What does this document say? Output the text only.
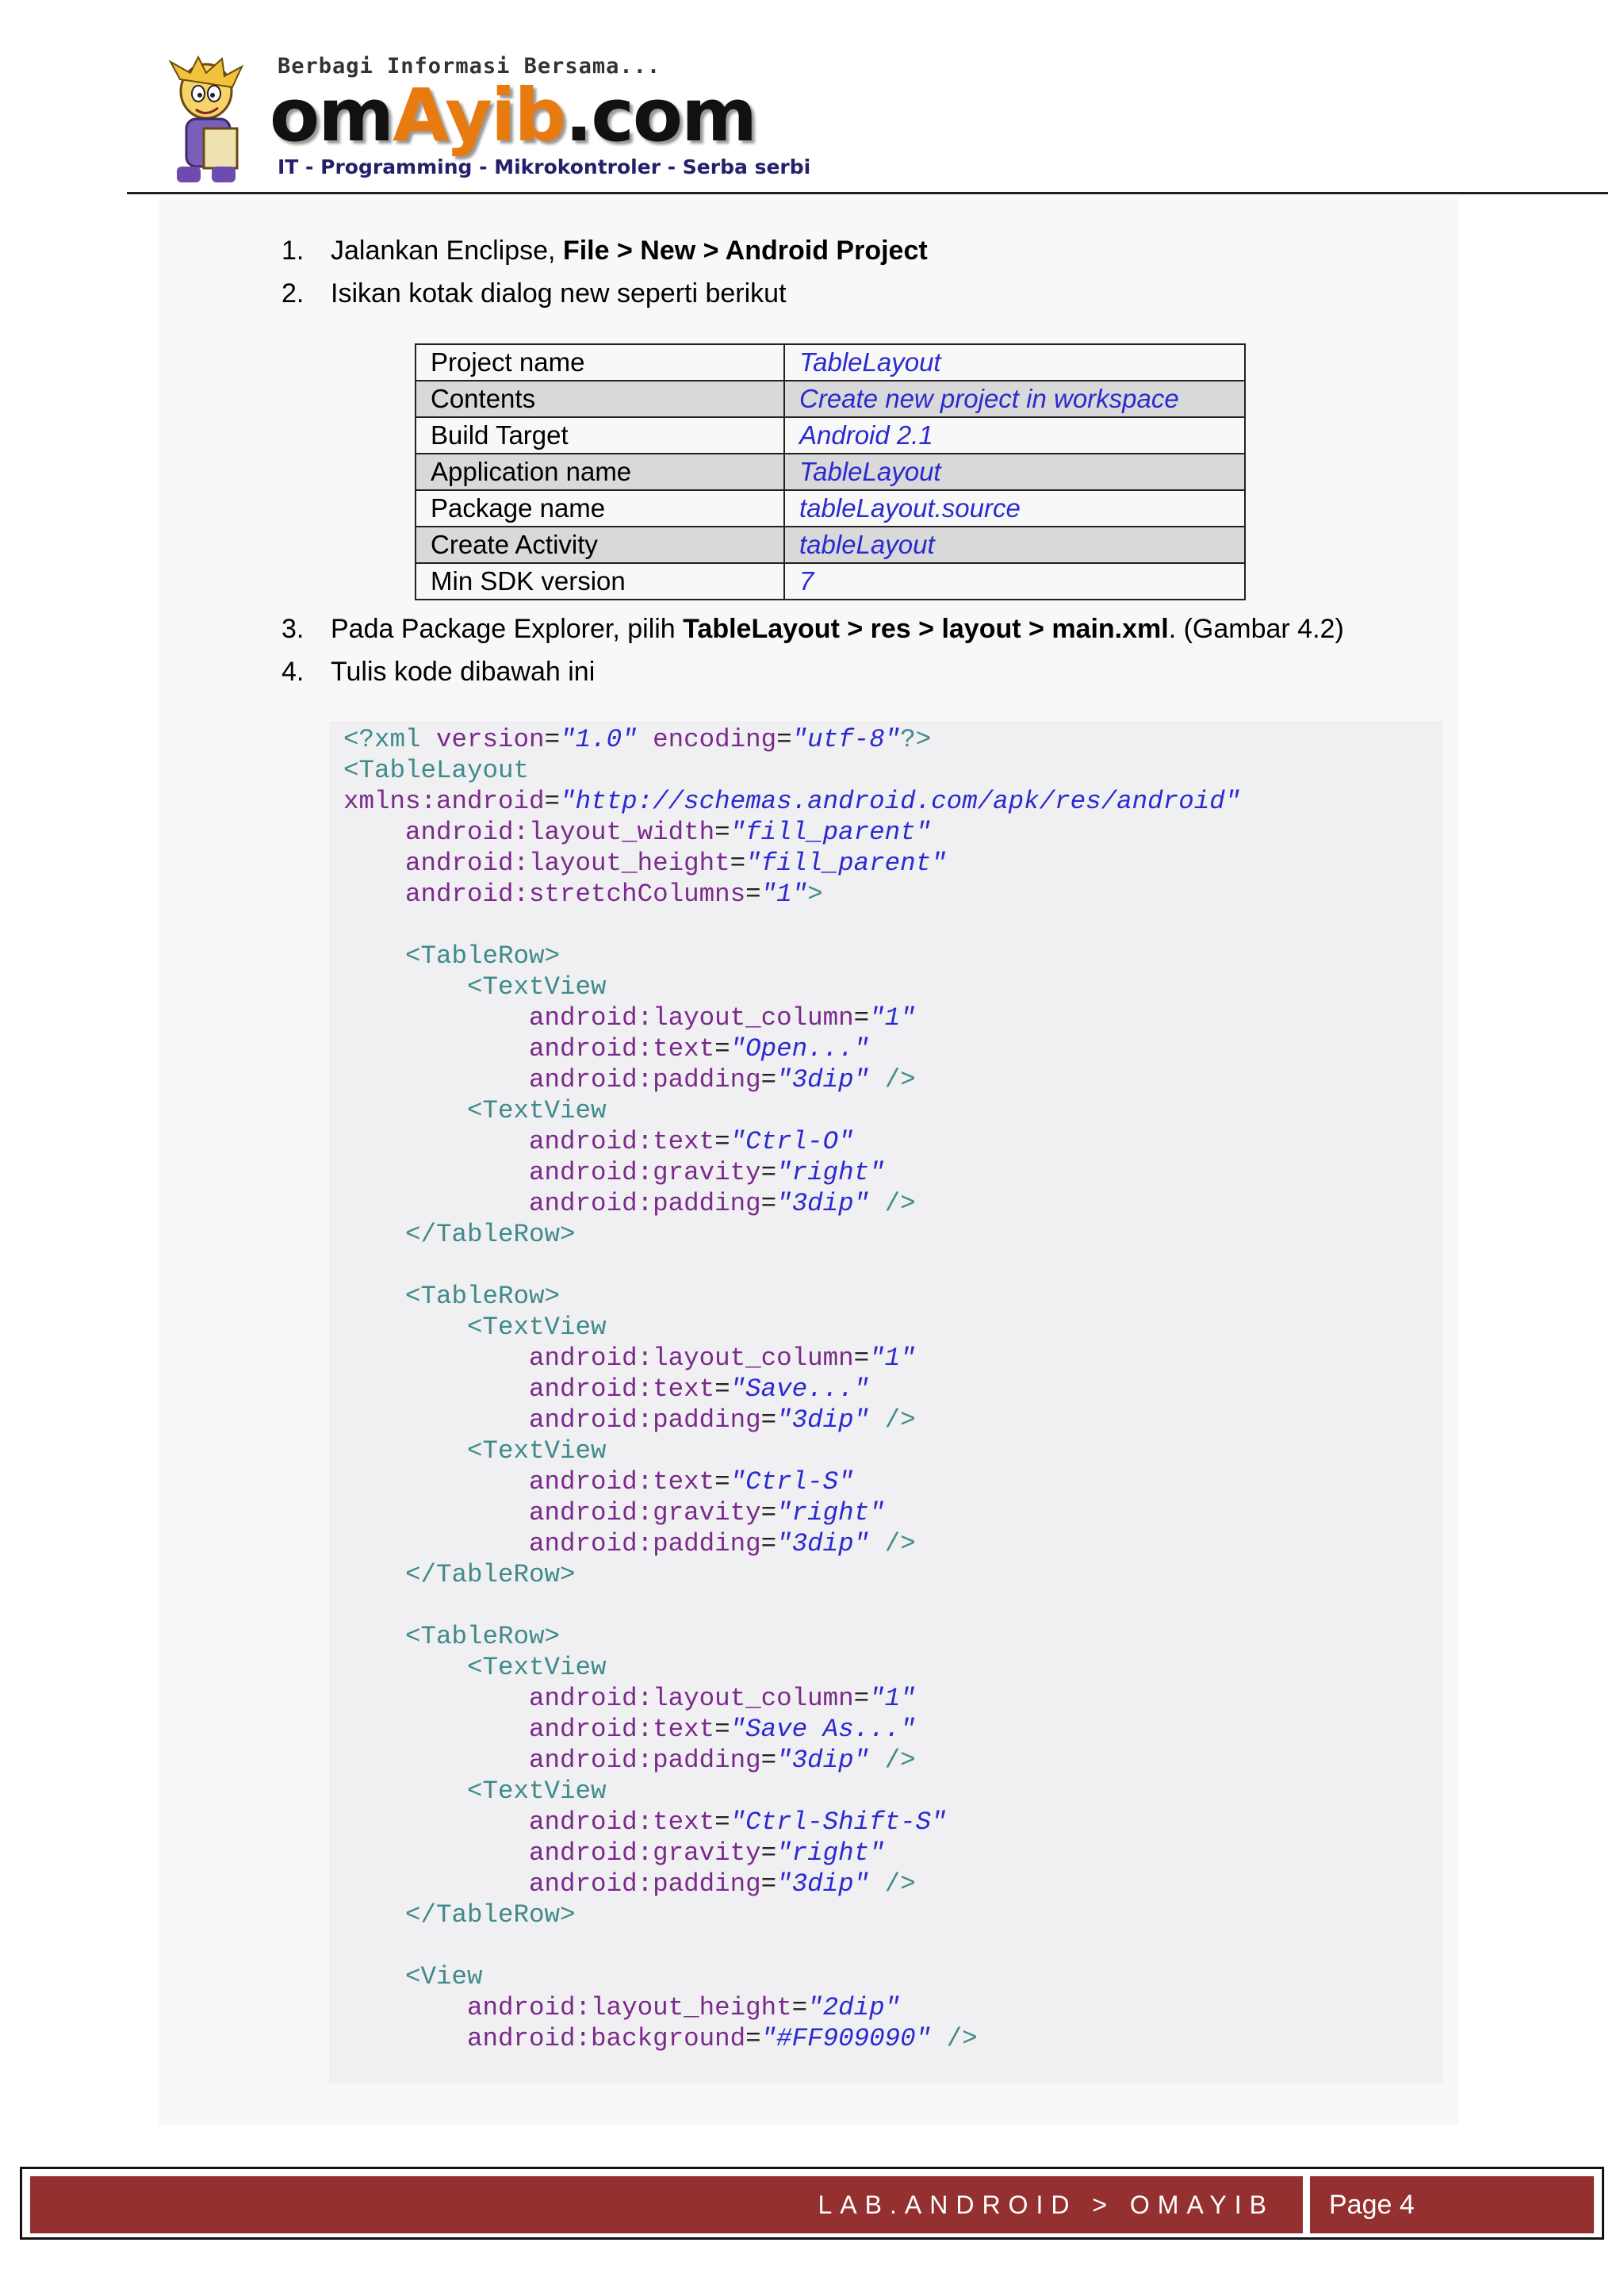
Berbagi Informasi Bersama...
omAyib.com
IT - Programming - Mikrokontroler - Serba serbi
1. Jalankan Enclipse, File > New > Android Project
2. Isikan kotak dialog new seperti berikut
Project name	TableLayout
Contents	Create new project in workspace
Build Target	Android 2.1
Application name	TableLayout
Package name	tableLayout.source
Create Activity	tableLayout
Min SDK version	7
3. Pada Package Explorer, pilih TableLayout > res > layout > main.xml. (Gambar 4.2)
4. Tulis kode dibawah ini
<?xml version="1.0" encoding="utf-8"?>
<TableLayout
xmlns:android="http://schemas.android.com/apk/res/android"
android:layout_width="fill_parent"
android:layout_height="fill_parent"
android:stretchColumns="1">

<TableRow>
<TextView
android:layout_column="1"
android:text="Open..."
android:padding="3dip" />
<TextView
android:text="Ctrl-O"
android:gravity="right"
android:padding="3dip" />
</TableRow>

<TableRow>
<TextView
android:layout_column="1"
android:text="Save..."
android:padding="3dip" />
<TextView
android:text="Ctrl-S"
android:gravity="right"
android:padding="3dip" />
</TableRow>

<TableRow>
<TextView
android:layout_column="1"
android:text="Save As..."
android:padding="3dip" />
<TextView
android:text="Ctrl-Shift-S"
android:gravity="right"
android:padding="3dip" />
</TableRow>

<View
android:layout_height="2dip"
android:background="#FF909090" />
LAB.ANDROID > OMAYIB Page 4
